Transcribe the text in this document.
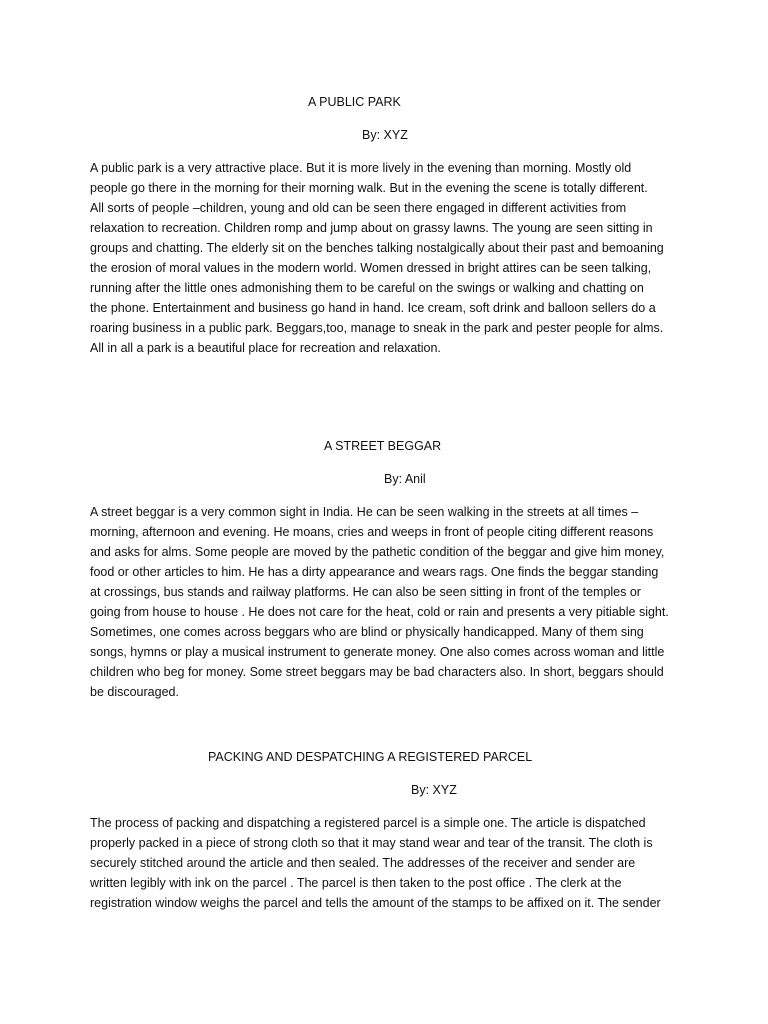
A PUBLIC PARK
By: XYZ
A public park is a very attractive place. But it is more lively in the evening than morning. Mostly old
people go there in the morning for their morning walk. But in the evening the scene is totally different.
All sorts of people –children, young and old can be seen there engaged in different activities from
relaxation to recreation. Children romp and jump about on grassy lawns. The young are seen sitting in
groups and chatting. The elderly sit on the benches talking nostalgically about their past and bemoaning
the erosion of moral values in the modern world. Women dressed in bright attires can be seen talking,
running after the little ones admonishing them to be careful on the swings or walking and chatting on
the phone. Entertainment and business go hand in hand. Ice cream, soft drink and balloon sellers do a
roaring business in a public park. Beggars,too, manage to sneak in the park and pester people for alms.
All in all a park is a beautiful place for recreation and relaxation.
A STREET BEGGAR
By: Anil
A street beggar is a very common sight in India. He can be seen walking in the streets at all times –
morning, afternoon and evening. He moans, cries and weeps in front of people citing different reasons
and asks for alms. Some people are moved by the pathetic condition of the beggar and give him money,
food or other articles to him. He has a dirty appearance and wears rags. One finds the beggar standing
at crossings, bus stands and railway platforms. He can also be seen sitting in front of the temples or
going from house to house . He does not care for the heat, cold or rain and presents a very pitiable sight.
Sometimes, one comes across beggars who are blind or physically handicapped. Many of them sing
songs, hymns or play a musical instrument to generate money. One also comes across woman and little
children who beg for money. Some street beggars may be bad characters also. In short, beggars should
be discouraged.
PACKING AND DESPATCHING A REGISTERED PARCEL
By: XYZ
The process of packing and dispatching a registered parcel is a simple one. The article is dispatched
properly packed in a piece of strong cloth so that it may stand wear and tear of the transit. The cloth is
securely stitched around the article and then sealed. The addresses of the receiver and sender are
written legibly with ink on the parcel . The parcel is then taken to the post office . The clerk at the
registration window weighs the parcel and tells the amount of the stamps to be affixed on it. The sender
